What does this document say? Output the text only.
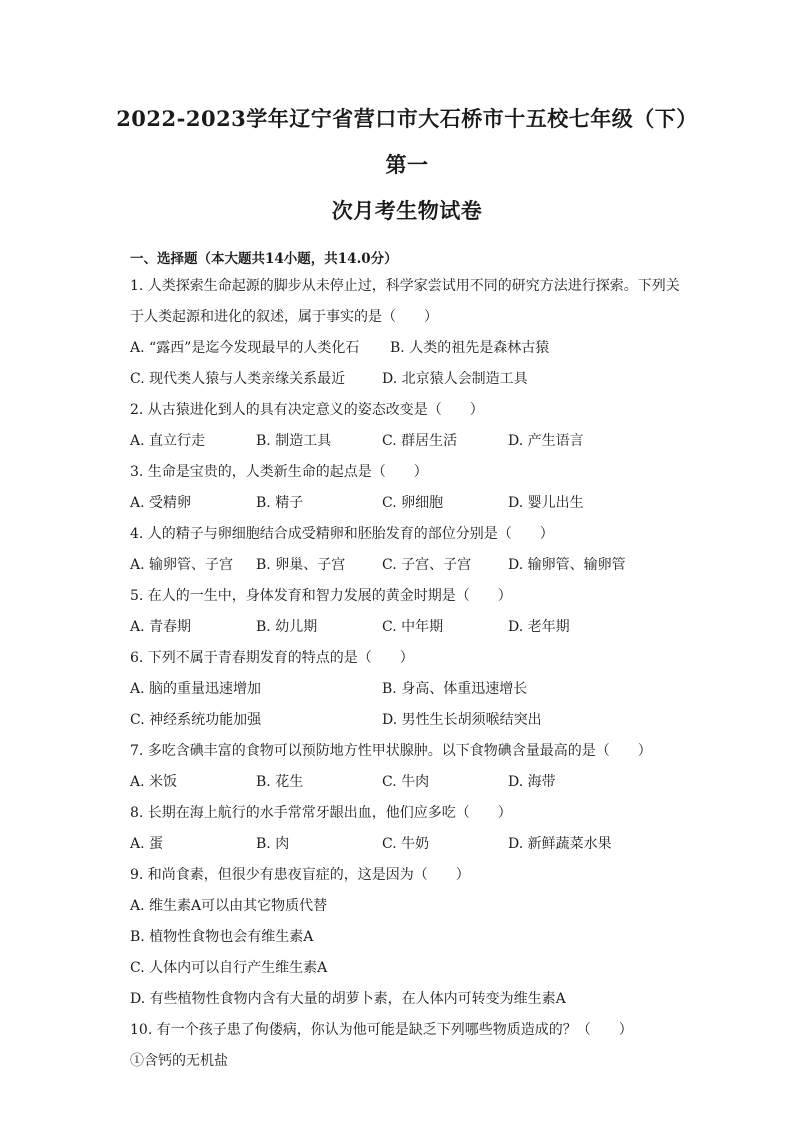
2022-2023学年辽宁省营口市大石桥市十五校七年级（下）第一
次月考生物试卷
一、选择题（本大题共14小题，共14.0分）
1. 人类探索生命起源的脚步从未停止过，科学家尝试用不同的研究方法进行探索。下列关
于人类起源和进化的叙述，属于事实的是（　　）
A. “露西”是迄今发现最早的人类化石	B. 人类的祖先是森林古猿
C. 现代类人猿与人类亲缘关系最近	D. 北京猿人会制造工具
2. 从古猿进化到人的具有决定意义的姿态改变是（　　）
A. 直立行走	B. 制造工具	C. 群居生活	D. 产生语言
3. 生命是宝贵的，人类新生命的起点是（　　）
A. 受精卵	B. 精子	C. 卵细胞	D. 婴儿出生
4. 人的精子与卵细胞结合成受精卵和胚胎发育的部位分别是（　　）
A. 输卵管、子宫	B. 卵巢、子宫	C. 子宫、子宫	D. 输卵管、输卵管
5. 在人的一生中，身体发育和智力发展的黄金时期是（　　）
A. 青春期	B. 幼儿期	C. 中年期	D. 老年期
6. 下列不属于青春期发育的特点的是（　　）
A. 脑的重量迅速增加	B. 身高、体重迅速增长
C. 神经系统功能加强	D. 男性生长胡须喉结突出
7. 多吃含碘丰富的食物可以预防地方性甲状腺肿。以下食物碘含量最高的是（　　）
A. 米饭	B. 花生	C. 牛肉	D. 海带
8. 长期在海上航行的水手常常牙龈出血，他们应多吃（　　）
A. 蛋	B. 肉	C. 牛奶	D. 新鲜蔬菜水果
9. 和尚食素，但很少有患夜盲症的，这是因为（　　）
A. 维生素A可以由其它物质代替
B. 植物性食物也会有维生素A
C. 人体内可以自行产生维生素A
D. 有些植物性食物内含有大量的胡萝卜素，在人体内可转变为维生素A
10. 有一个孩子患了佝偻病，你认为他可能是缺乏下列哪些物质造成的？（　　）
①含钙的无机盐
